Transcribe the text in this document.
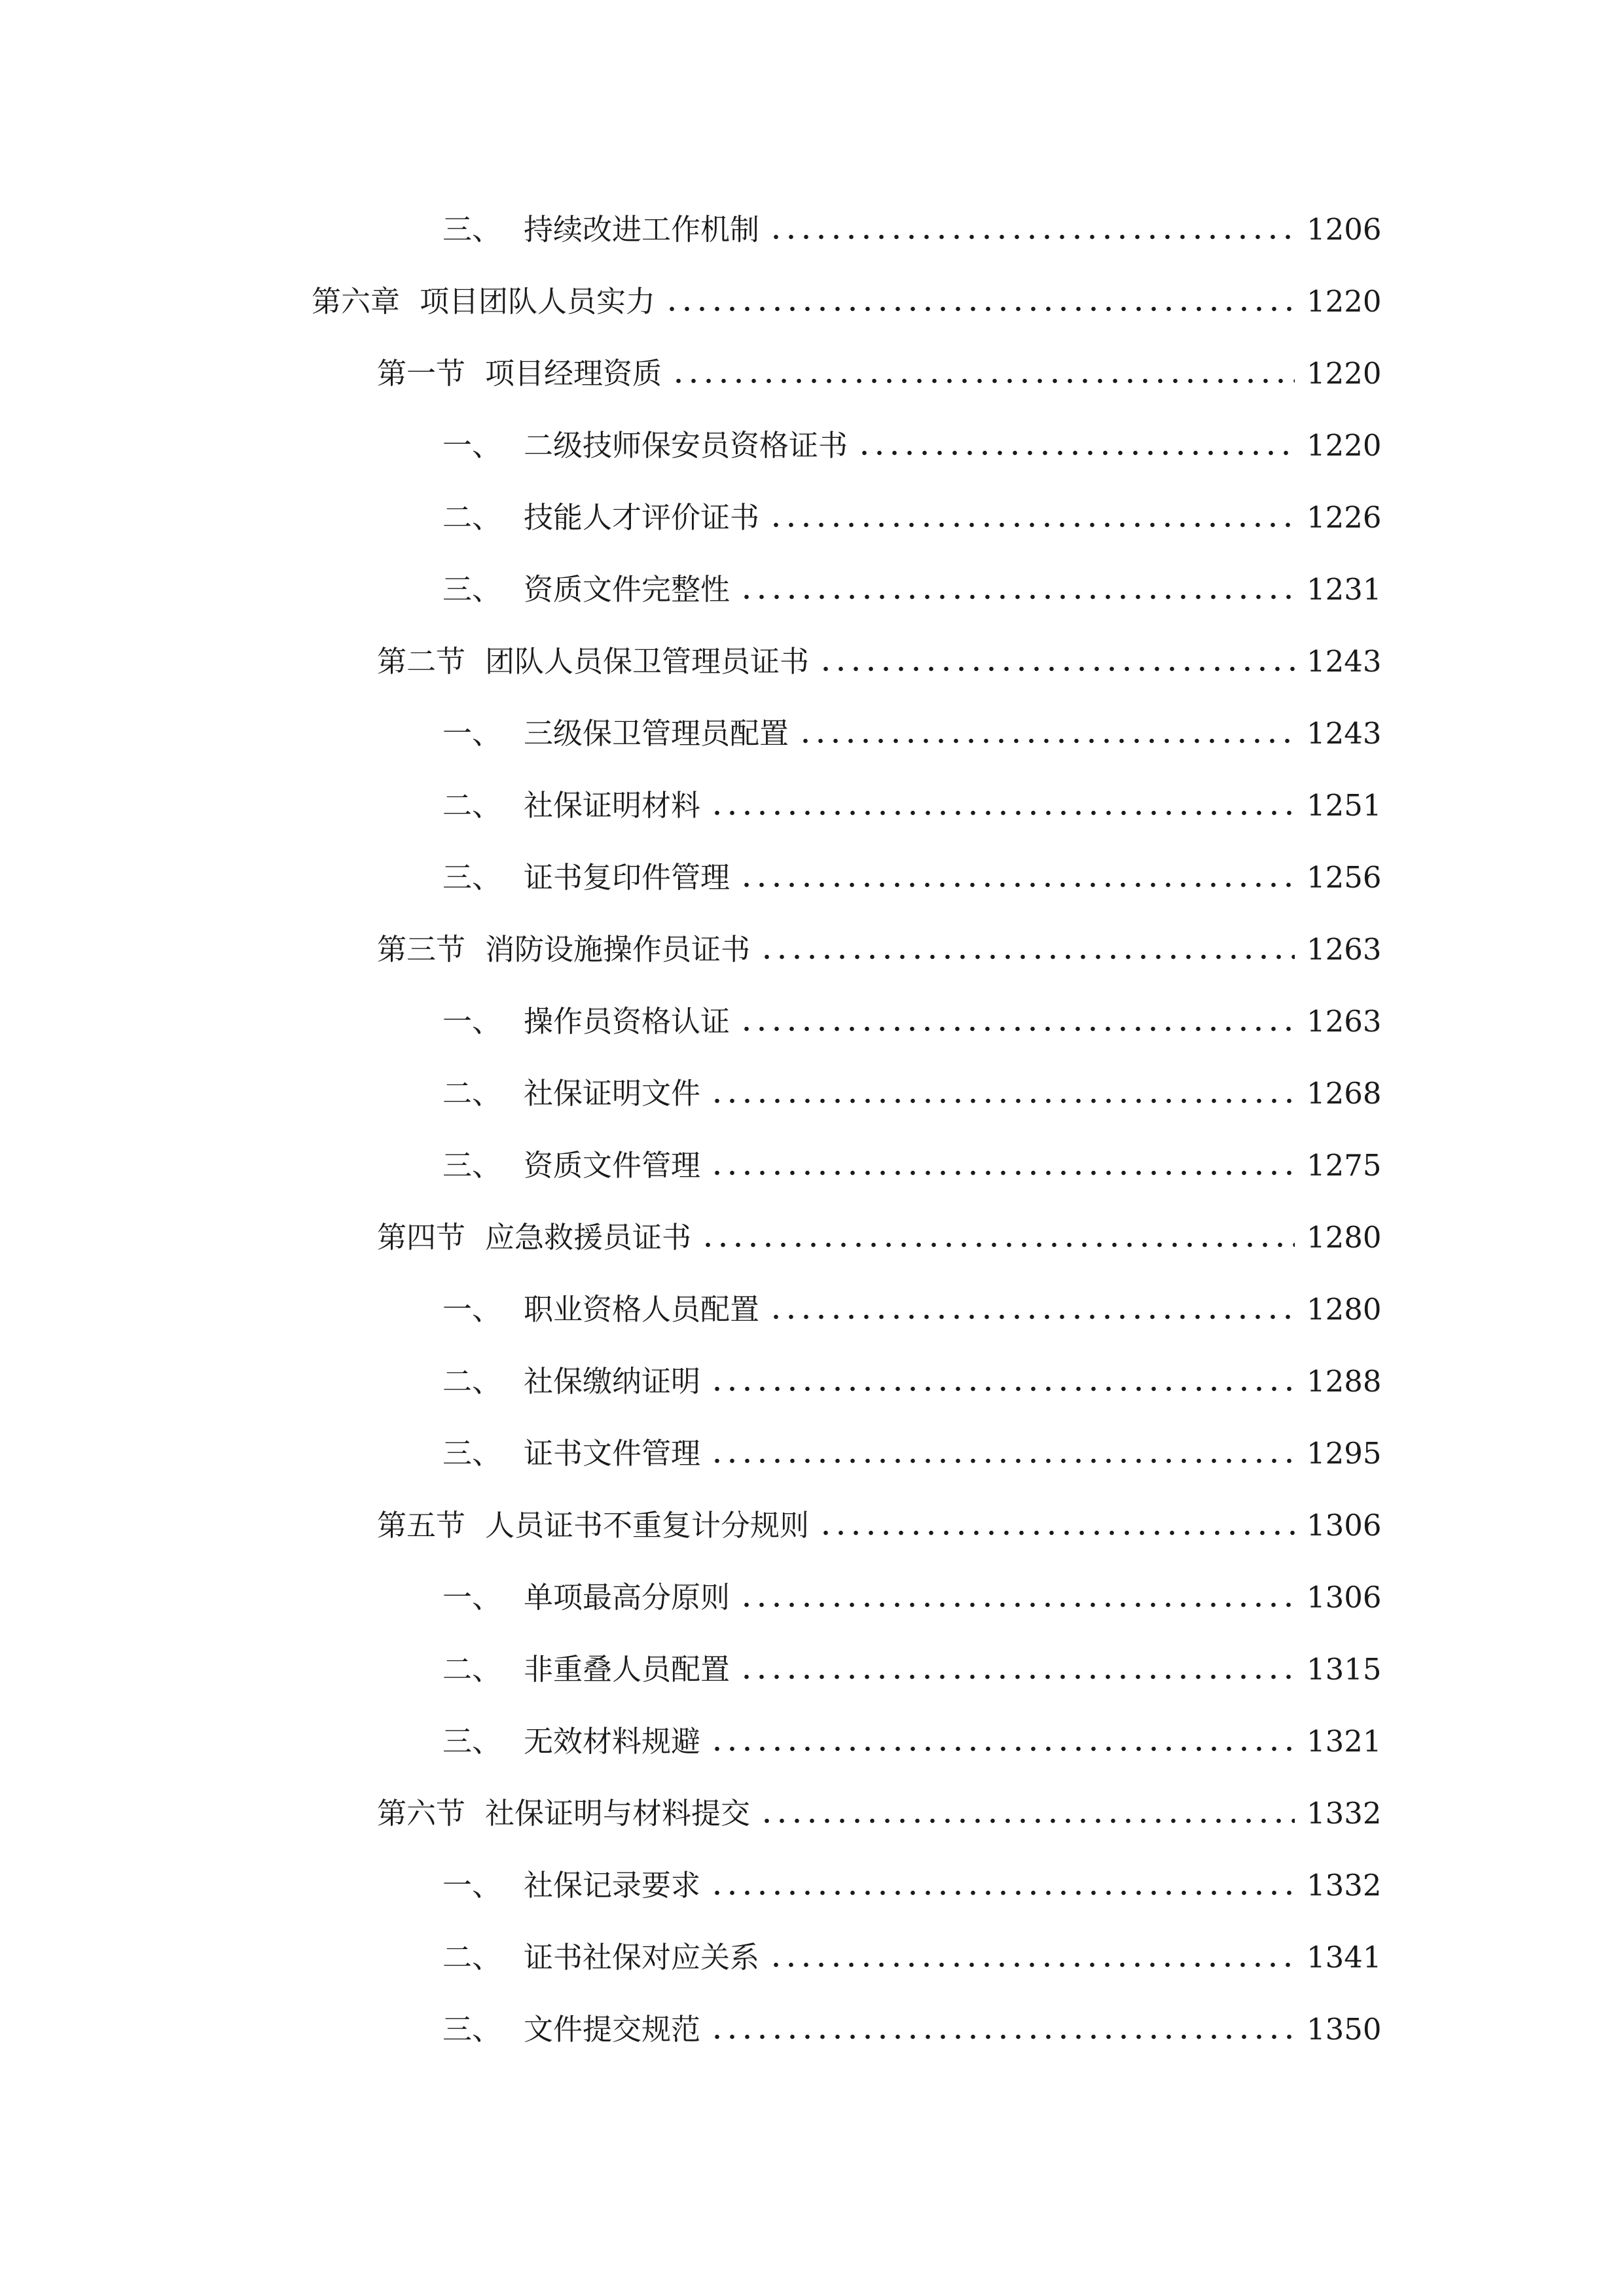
三、 持续改进工作机制	1206
第六章 项目团队人员实力	1220
第一节 项目经理资质	1220
一、 二级技师保安员资格证书	1220
二、 技能人才评价证书	1226
三、 资质文件完整性	1231
第二节 团队人员保卫管理员证书	1243
一、 三级保卫管理员配置	1243
二、 社保证明材料	1251
三、 证书复印件管理	1256
第三节 消防设施操作员证书	1263
一、 操作员资格认证	1263
二、 社保证明文件	1268
三、 资质文件管理	1275
第四节 应急救援员证书	1280
一、 职业资格人员配置	1280
二、 社保缴纳证明	1288
三、 证书文件管理	1295
第五节 人员证书不重复计分规则	1306
一、 单项最高分原则	1306
二、 非重叠人员配置	1315
三、 无效材料规避	1321
第六节 社保证明与材料提交	1332
一、 社保记录要求	1332
二、 证书社保对应关系	1341
三、 文件提交规范	1350
